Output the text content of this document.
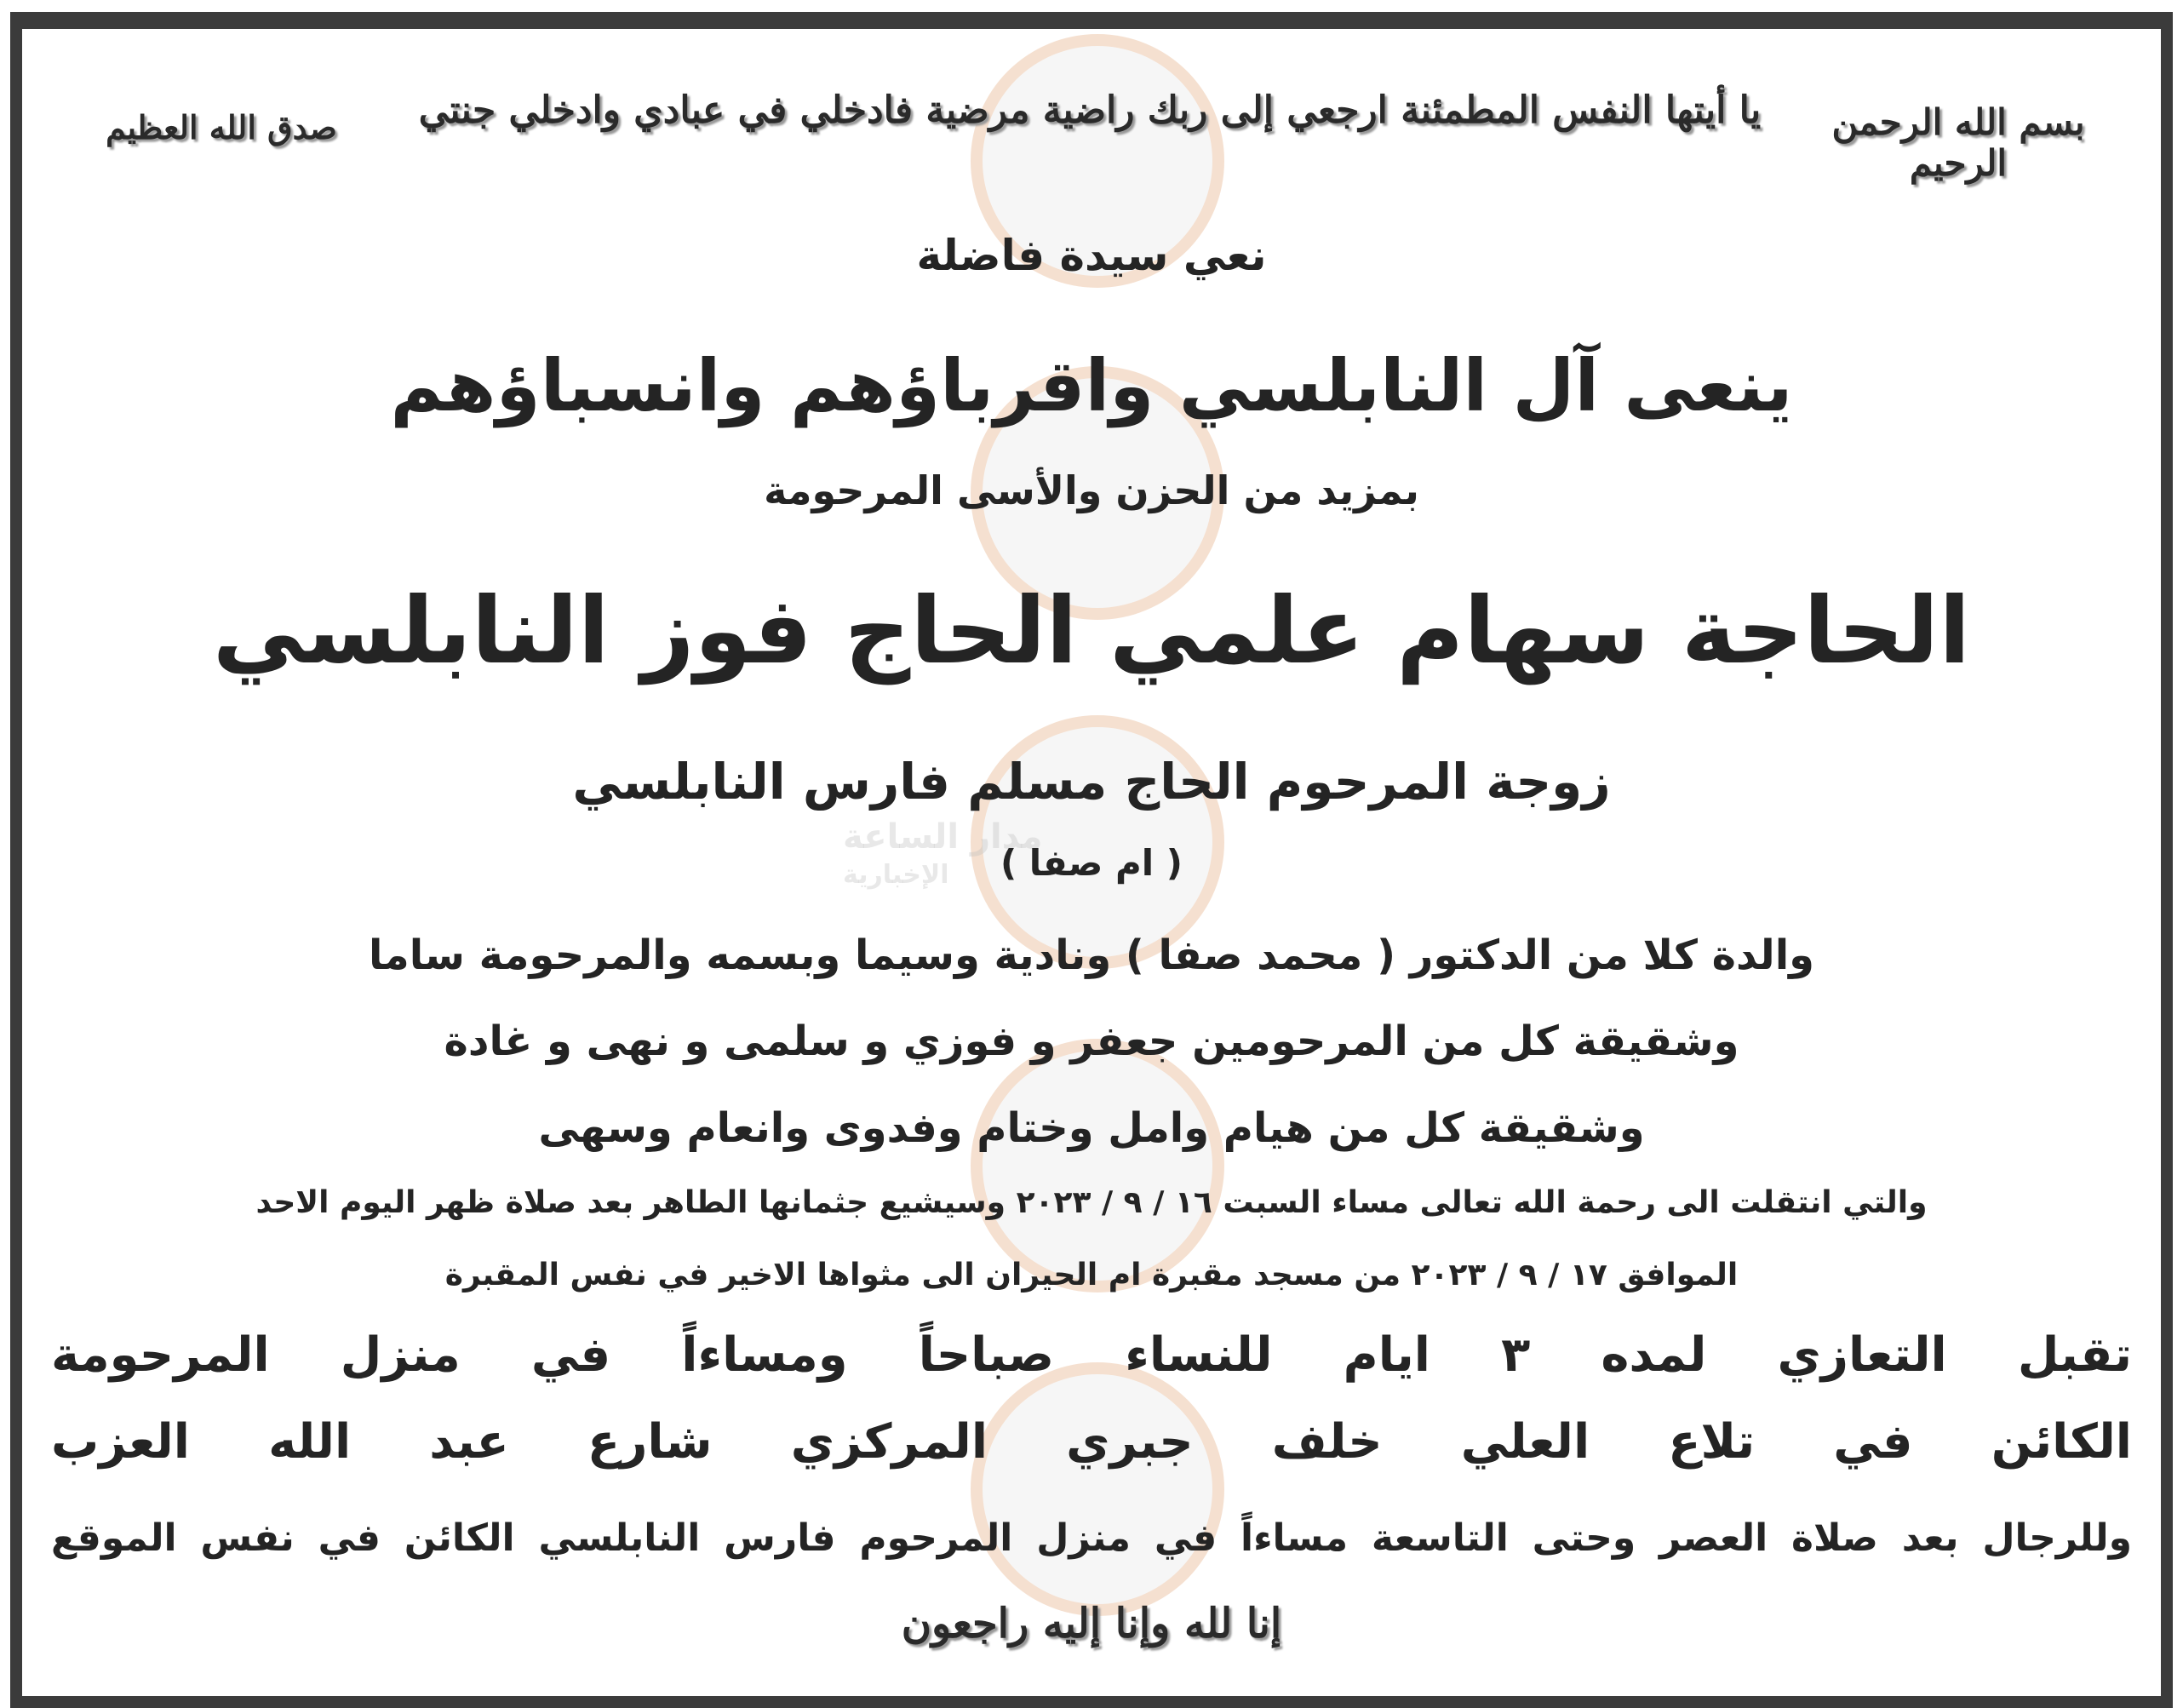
مدار الساعة
الإخبارية
بسم الله الرحمن الرحيم
يا أيتها النفس المطمئنة ارجعي إلى ربك راضية مرضية فادخلي في عبادي وادخلي جنتي
صدق الله العظيم
نعي سيدة فاضلة
ينعى آل النابلسي واقرباؤهم وانسباؤهم
بمزيد من الحزن والأسى المرحومة
الحاجة سهام علمي الحاج فوز النابلسي
زوجة المرحوم الحاج مسلم فارس النابلسي
( ام صفا )
والدة كلا من الدكتور ( محمد صفا ) ونادية وسيما وبسمه والمرحومة ساما
وشقيقة كل من المرحومين جعفر و فوزي و سلمى و نهى و غادة
وشقيقة كل من هيام وامل وختام وفدوى وانعام وسهى
والتي انتقلت الى رحمة الله تعالى مساء السبت ١٦ / ٩ / ٢٠٢٣ وسيشيع جثمانها الطاهر بعد صلاة ظهر اليوم الاحد
الموافق ١٧ / ٩ / ٢٠٢٣ من مسجد مقبرة ام الحيران الى مثواها الاخير في نفس المقبرة
تقبل التعازي لمده ٣ ايام للنساء صباحاً ومساءاً في منزل المرحومة
الكائن في تلاع العلي خلف جبري المركزي شارع عبد الله العزب
وللرجال بعد صلاة العصر وحتى التاسعة مساءاً في منزل المرحوم فارس النابلسي الكائن في نفس الموقع
إنا لله وإنا إليه راجعون
